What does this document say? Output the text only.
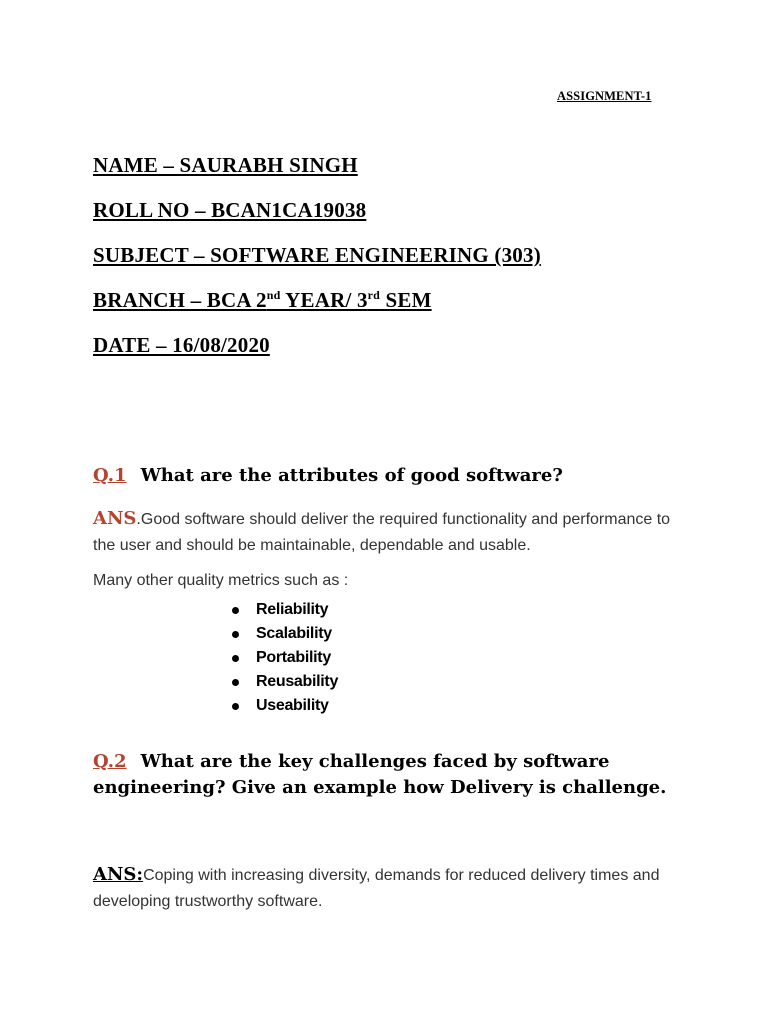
ASSIGNMENT-1
NAME – SAURABH SINGH
ROLL NO – BCAN1CA19038
SUBJECT – SOFTWARE ENGINEERING (303)
BRANCH – BCA 2nd YEAR/ 3rd SEM
DATE – 16/08/2020
Q.1 What are the attributes of good software?
ANS.Good software should deliver the required functionality and performance to the user and should be maintainable, dependable and usable.
Many other quality metrics such as :
Reliability
Scalability
Portability
Reusability
Useability
Q.2 What are the key challenges faced by software engineering? Give an example how Delivery is challenge.
ANS:Coping with increasing diversity, demands for reduced delivery times and developing trustworthy software.
